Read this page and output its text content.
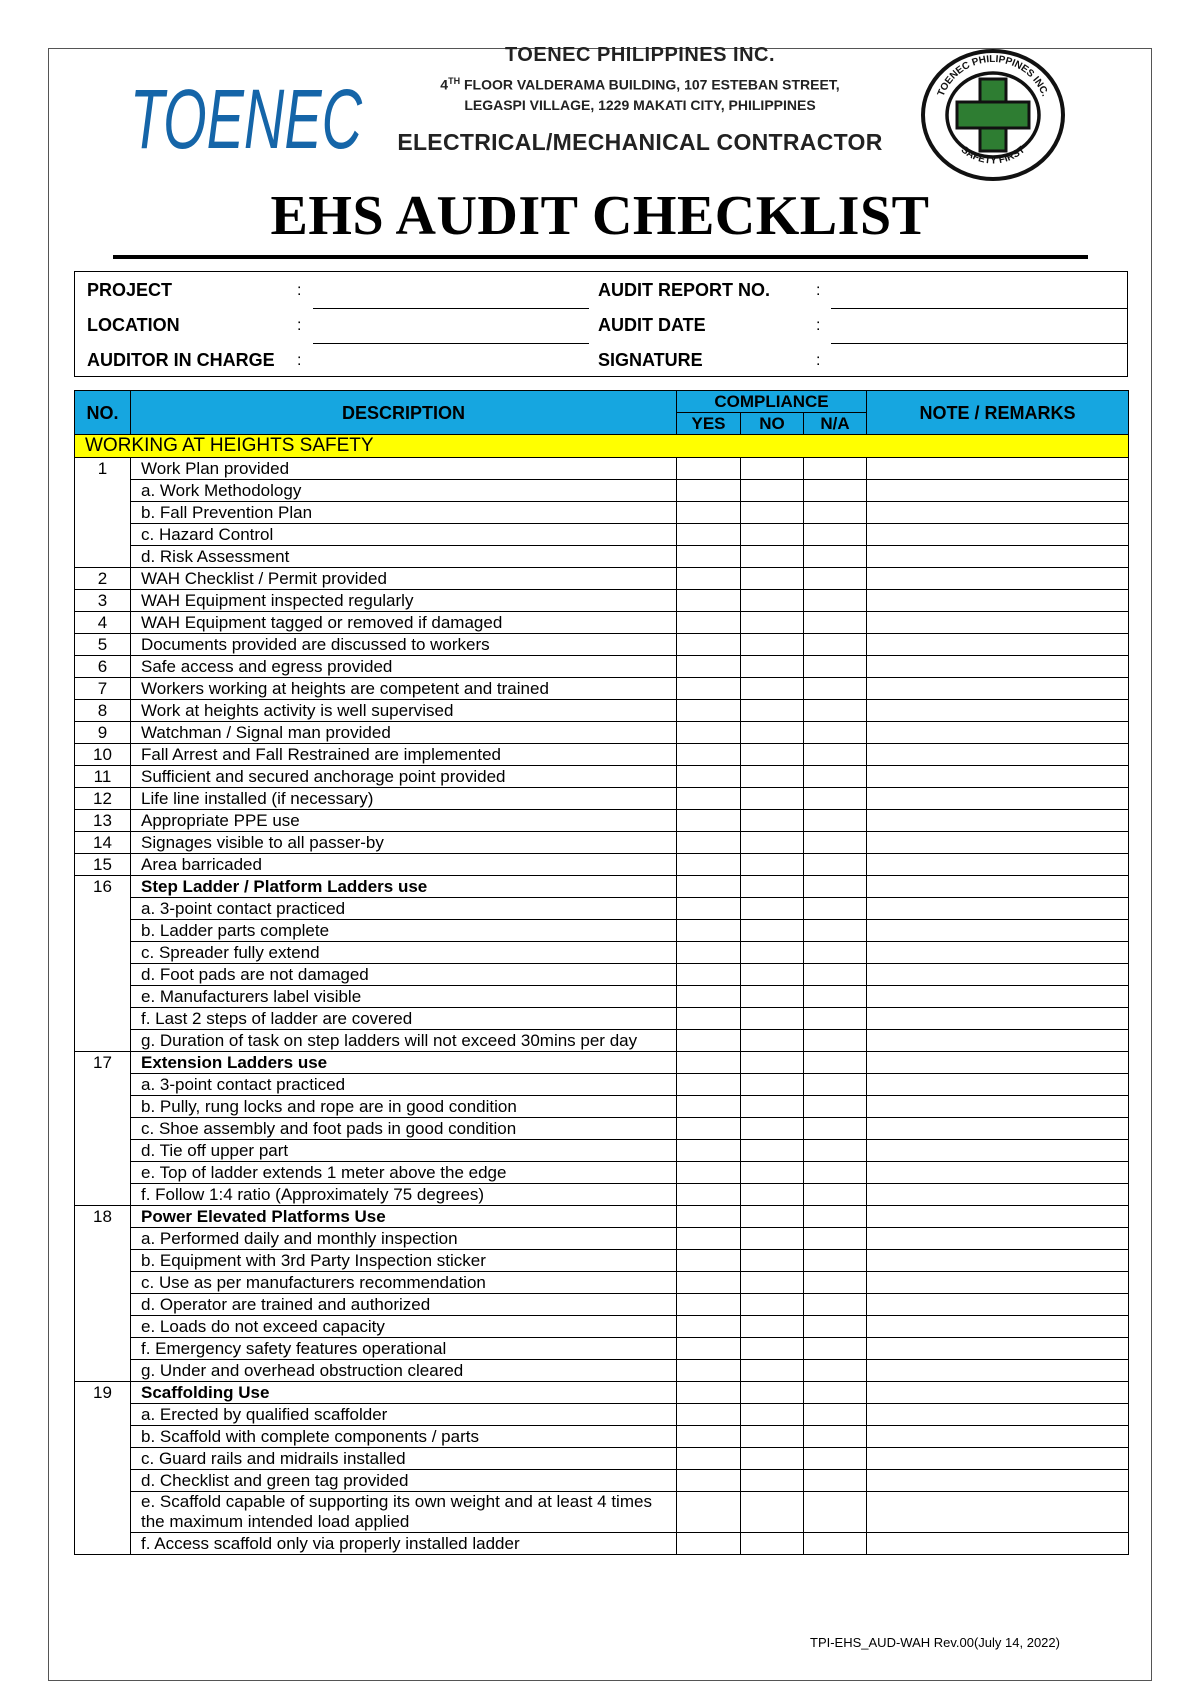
TOENEC
TOENEC PHILIPPINES INC.
4TH FLOOR VALDERAMA BUILDING, 107 ESTEBAN STREET,
LEGASPI VILLAGE, 1229 MAKATI CITY, PHILIPPINES
ELECTRICAL/MECHANICAL CONTRACTOR
TOENEC PHILIPPINES INC.
SAFETY FIRST
EHS AUDIT CHECKLIST
PROJECT	:
LOCATION	:
AUDITOR IN CHARGE :
AUDIT REPORT NO.	:
AUDIT DATE	:
SIGNATURE	:
NO.	DESCRIPTION	COMPLIANCE			NOTE / REMARKS
		YES	NO	N/A	
WORKING AT HEIGHTS SAFETY					
1	Work Plan provided				
	a. Work Methodology				
	b. Fall Prevention Plan				
	c. Hazard Control				
	d. Risk Assessment				
2	WAH Checklist / Permit provided				
3	WAH Equipment inspected regularly				
4	WAH Equipment tagged or removed if damaged				
5	Documents provided are discussed to workers				
6	Safe access and egress provided				
7	Workers working at heights are competent and trained				
8	Work at heights activity is well supervised				
9	Watchman / Signal man provided				
10	Fall Arrest and Fall Restrained are implemented				
11	Sufficient and secured anchorage point provided				
12	Life line installed (if necessary)				
13	Appropriate PPE use				
14	Signages visible to all passer-by				
15	Area barricaded				
16	Step Ladder / Platform Ladders use				
	a. 3-point contact practiced				
	b. Ladder parts complete				
	c. Spreader fully extend				
	d. Foot pads are not damaged				
	e. Manufacturers label visible				
	f. Last 2 steps of ladder are covered				
	g. Duration of task on step ladders will not exceed 30mins per day				
17	Extension Ladders use				
	a. 3-point contact practiced				
	b. Pully, rung locks and rope are in good condition				
	c. Shoe assembly and foot pads in good condition				
	d. Tie off upper part				
	e. Top of ladder extends 1 meter above the edge				
	f. Follow 1:4 ratio (Approximately 75 degrees)				
18	Power Elevated Platforms Use				
	a. Performed daily and monthly inspection				
	b. Equipment with 3rd Party Inspection sticker				
	c. Use as per manufacturers recommendation				
	d. Operator are trained and authorized				
	e. Loads do not exceed capacity				
	f. Emergency safety features operational				
	g. Under and overhead obstruction cleared				
19	Scaffolding Use				
	a. Erected by qualified scaffolder				
	b. Scaffold with complete components / parts				
	c. Guard rails and midrails installed				
	d. Checklist and green tag provided				
	e. Scaffold capable of supporting its own weight and at least 4 times the maximum intended load applied				
	f. Access scaffold only via properly installed ladder				
TPI-EHS_AUD-WAH Rev.00(July 14, 2022)
